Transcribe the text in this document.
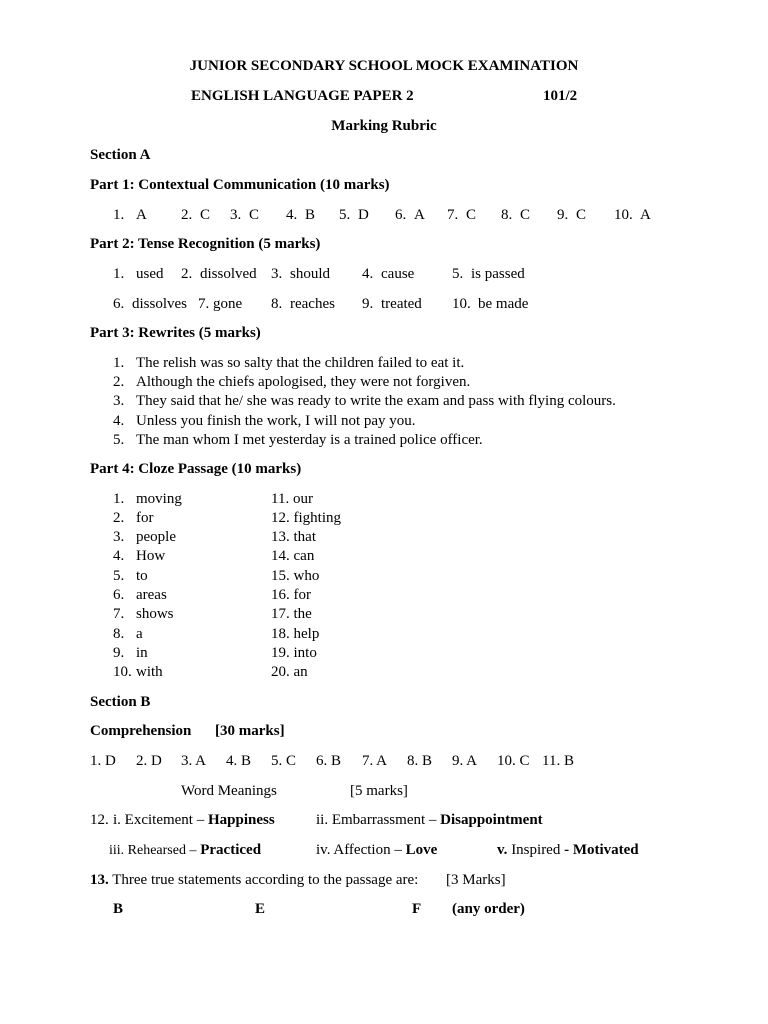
JUNIOR SECONDARY SCHOOL MOCK EXAMINATION
ENGLISH LANGUAGE PAPER 2	101/2
Marking Rubric
Section A
Part 1: Contextual Communication (10 marks)
1. A 2. C 3. C 4. B 5. D 6. A 7. C 8. C 9. C 10. A
Part 2: Tense Recognition (5 marks)
1. used 2. dissolved 3. should 4. cause	5. is passed
6. dissolves 7. gone 8. reaches 9. treated 10. be made
Part 3: Rewrites (5 marks)
1. The relish was so salty that the children failed to eat it.
2. Although the chiefs apologised, they were not forgiven.
3. They said that he/ she was ready to write the exam and pass with flying colours.
4. Unless you finish the work, I will not pay you.
5. The man whom I met yesterday is a trained police officer.
Part 4: Cloze Passage (10 marks)
1. moving
2. for
3. people
4. How
5. to
6. areas
7. shows
8. a
9. in
10. with
11. our
12. fighting
13. that
14. can
15. who
16. for
17. the
18. help
19. into
20. an
Section B
Comprehension [30 marks]
1. D 2. D 3. A 4. B 5. C 6. B 7. A 8. B 9. A 10. C 11. B
Word Meanings	[5 marks]
12. i. Excitement – Happiness	ii. Embarrassment – Disappointment
iii. Rehearsed – Practiced	iv. Affection – Love	v. Inspired - Motivated
13. Three true statements according to the passage are: [3 Marks]
B	E	F (any order)
